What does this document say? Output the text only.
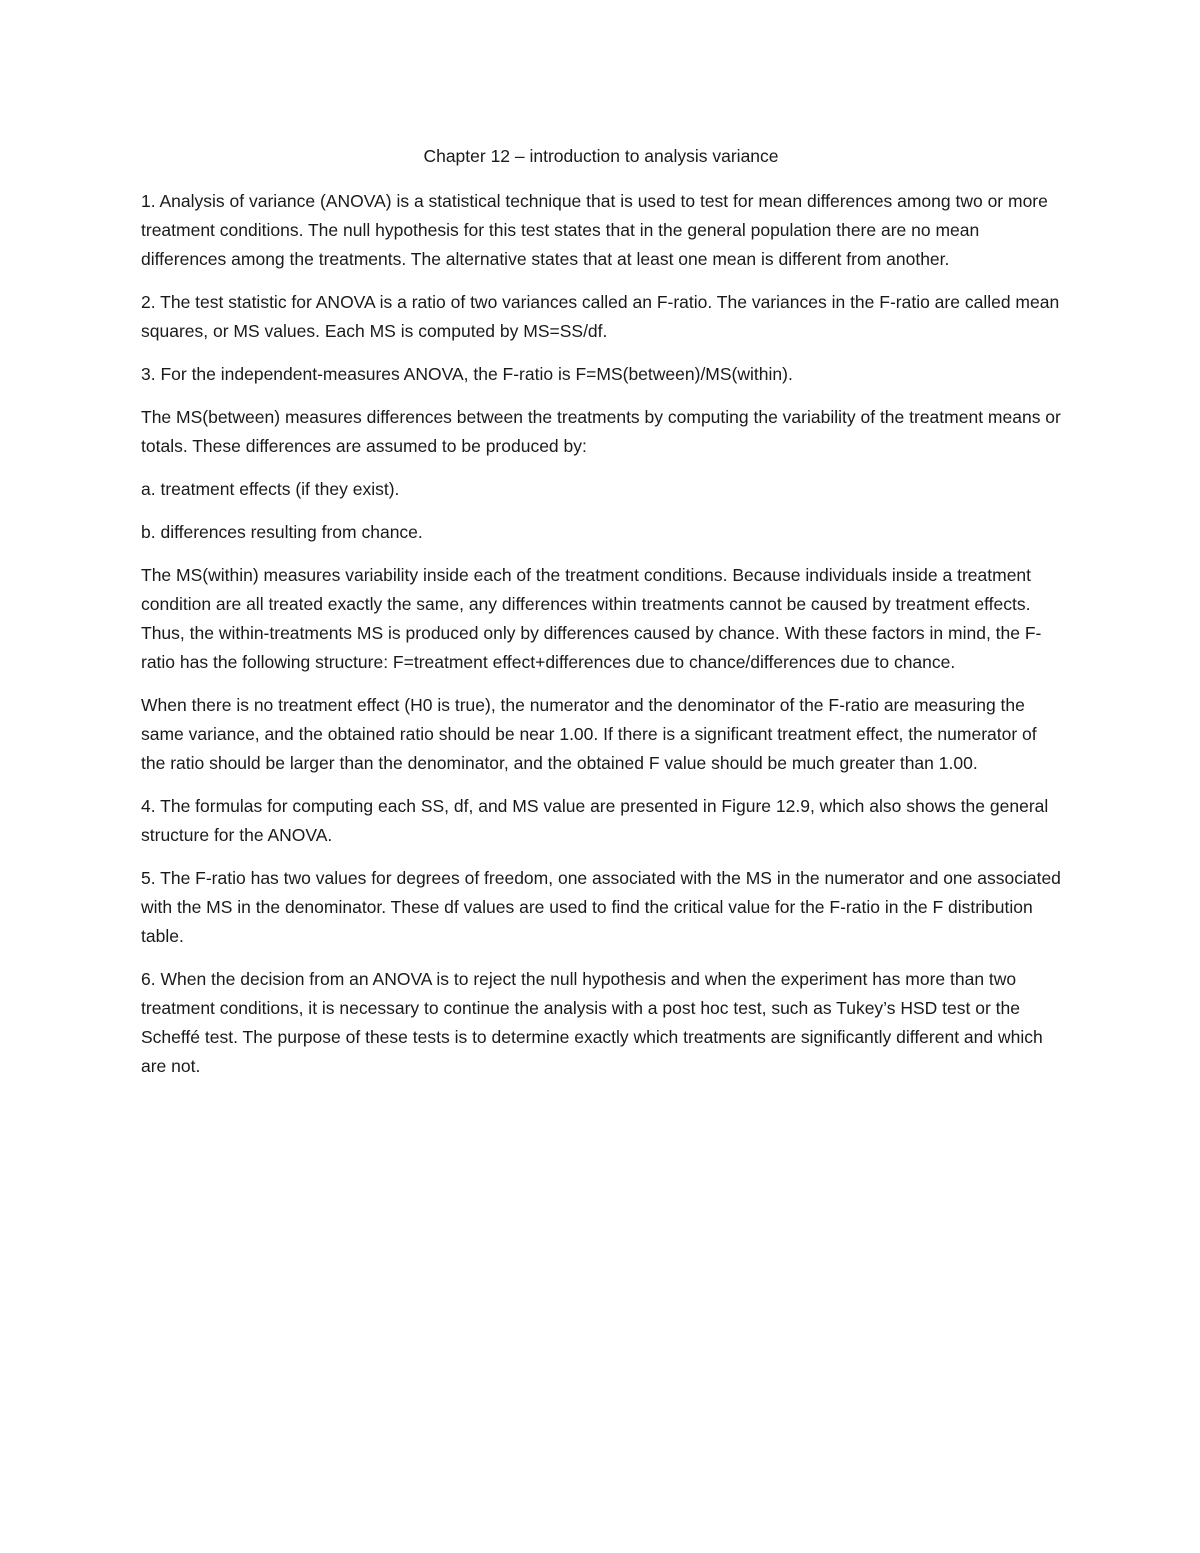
Chapter 12 – introduction to analysis variance

1. Analysis of variance (ANOVA) is a statistical technique that is used to test for mean differences among two or more treatment conditions. The null hypothesis for this test states that in the general population there are no mean differences among the treatments. The alternative states that at least one mean is different from another.

2. The test statistic for ANOVA is a ratio of two variances called an F-ratio. The variances in the F-ratio are called mean squares, or MS values. Each MS is computed by MS=SS/df.

3. For the independent-measures ANOVA, the F-ratio is F=MS(between)/MS(within).

The MS(between) measures differences between the treatments by computing the variability of the treatment means or totals. These differences are assumed to be produced by:

a. treatment effects (if they exist).

b. differences resulting from chance.

The MS(within) measures variability inside each of the treatment conditions. Because individuals inside a treatment condition are all treated exactly the same, any differences within treatments cannot be caused by treatment effects. Thus, the within-treatments MS is produced only by differences caused by chance. With these factors in mind, the F-ratio has the following structure: F=treatment effect+differences due to chance/differences due to chance.

When there is no treatment effect (H0 is true), the numerator and the denominator of the F-ratio are measuring the same variance, and the obtained ratio should be near 1.00. If there is a significant treatment effect, the numerator of the ratio should be larger than the denominator, and the obtained F value should be much greater than 1.00.

4. The formulas for computing each SS, df, and MS value are presented in Figure 12.9, which also shows the general structure for the ANOVA.

5. The F-ratio has two values for degrees of freedom, one associated with the MS in the numerator and one associated with the MS in the denominator. These df values are used to find the critical value for the F-ratio in the F distribution table.

6. When the decision from an ANOVA is to reject the null hypothesis and when the experiment has more than two treatment conditions, it is necessary to continue the analysis with a post hoc test, such as Tukey’s HSD test or the Scheffé test. The purpose of these tests is to determine exactly which treatments are significantly different and which are not.
